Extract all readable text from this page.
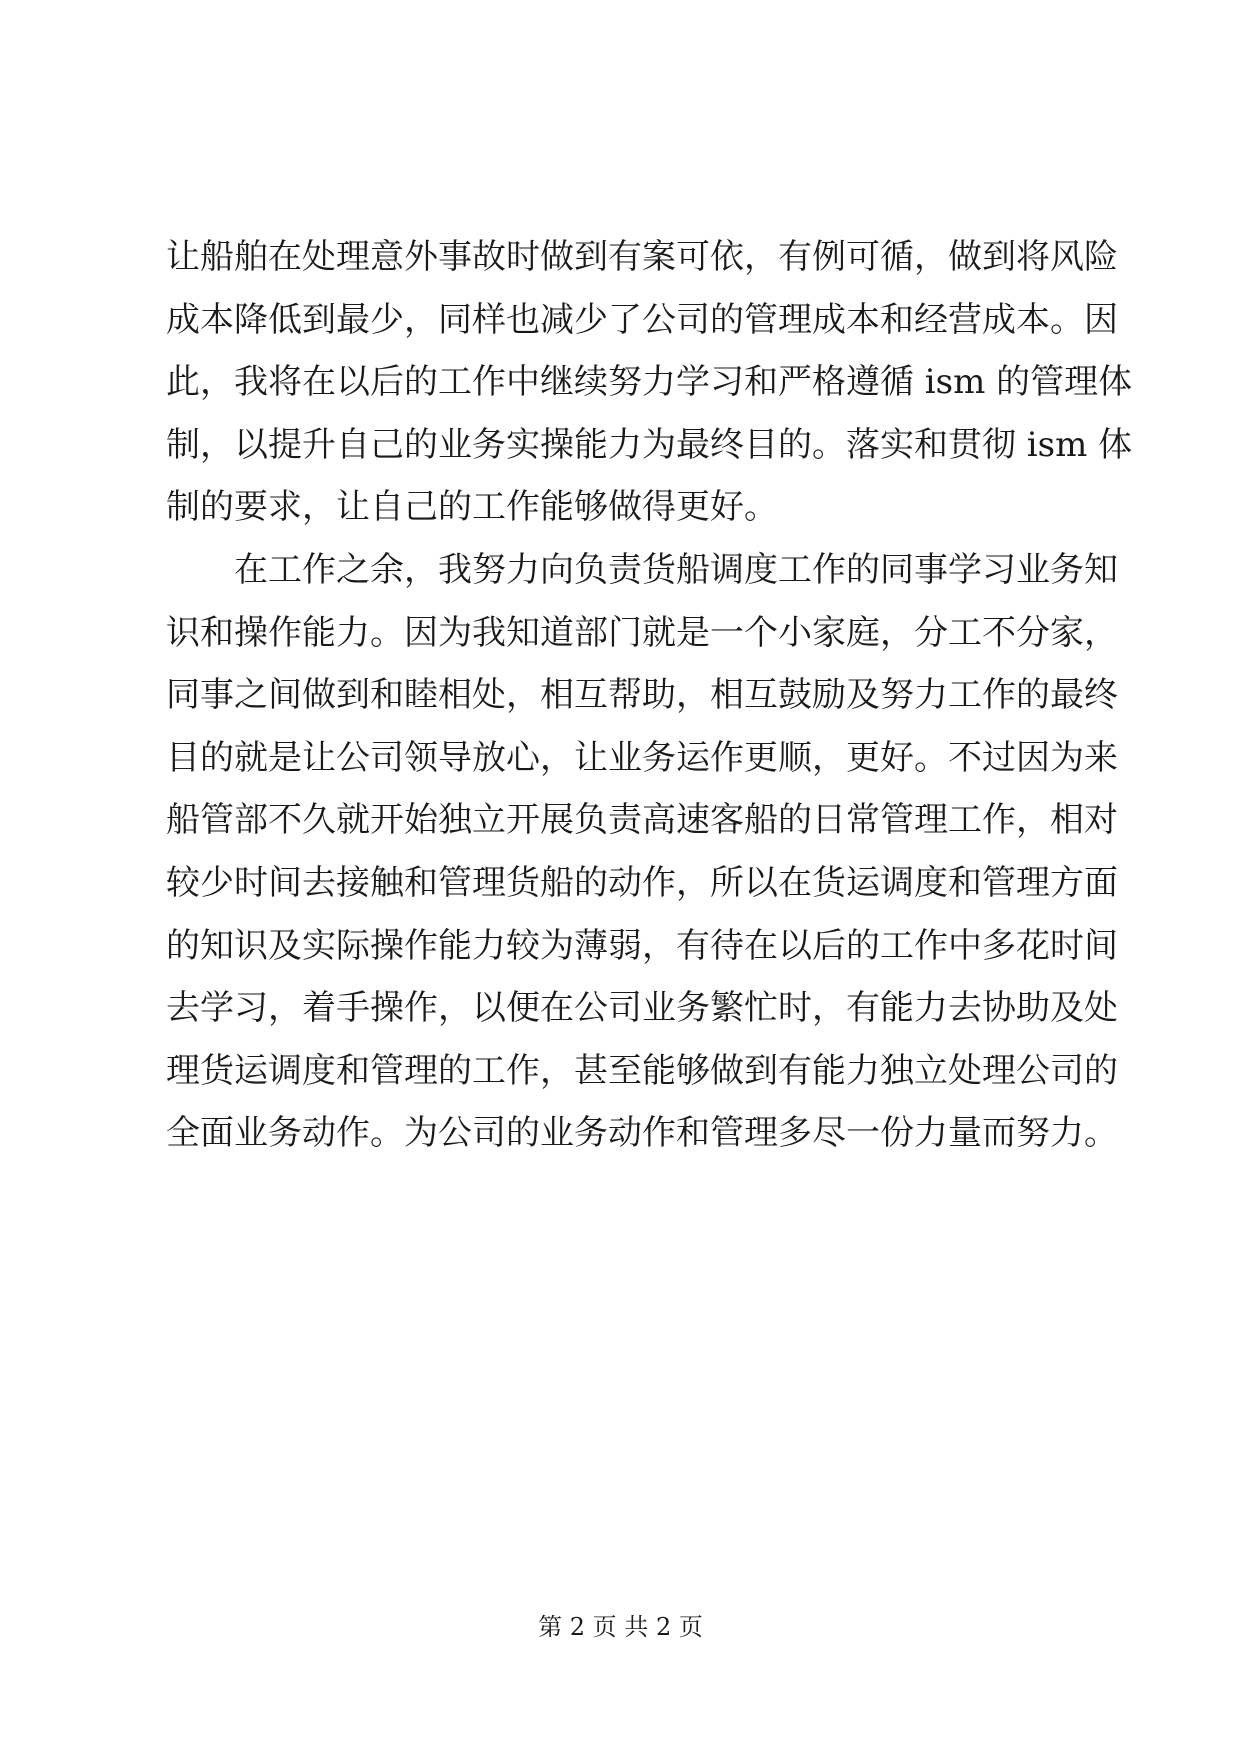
让船舶在处理意外事故时做到有案可依，有例可循，做到将风险
成本降低到最少，同样也减少了公司的管理成本和经营成本。因
此，我将在以后的工作中继续努力学习和严格遵循 ism 的管理体
制，以提升自己的业务实操能力为最终目的。落实和贯彻 ism 体
制的要求，让自己的工作能够做得更好。
在工作之余，我努力向负责货船调度工作的同事学习业务知
识和操作能力。因为我知道部门就是一个小家庭，分工不分家，
同事之间做到和睦相处，相互帮助，相互鼓励及努力工作的最终
目的就是让公司领导放心，让业务运作更顺，更好。不过因为来
船管部不久就开始独立开展负责高速客船的日常管理工作，相对
较少时间去接触和管理货船的动作，所以在货运调度和管理方面
的知识及实际操作能力较为薄弱，有待在以后的工作中多花时间
去学习，着手操作，以便在公司业务繁忙时，有能力去协助及处
理货运调度和管理的工作，甚至能够做到有能力独立处理公司的
全面业务动作。为公司的业务动作和管理多尽一份力量而努力。
第 2 页 共 2 页
